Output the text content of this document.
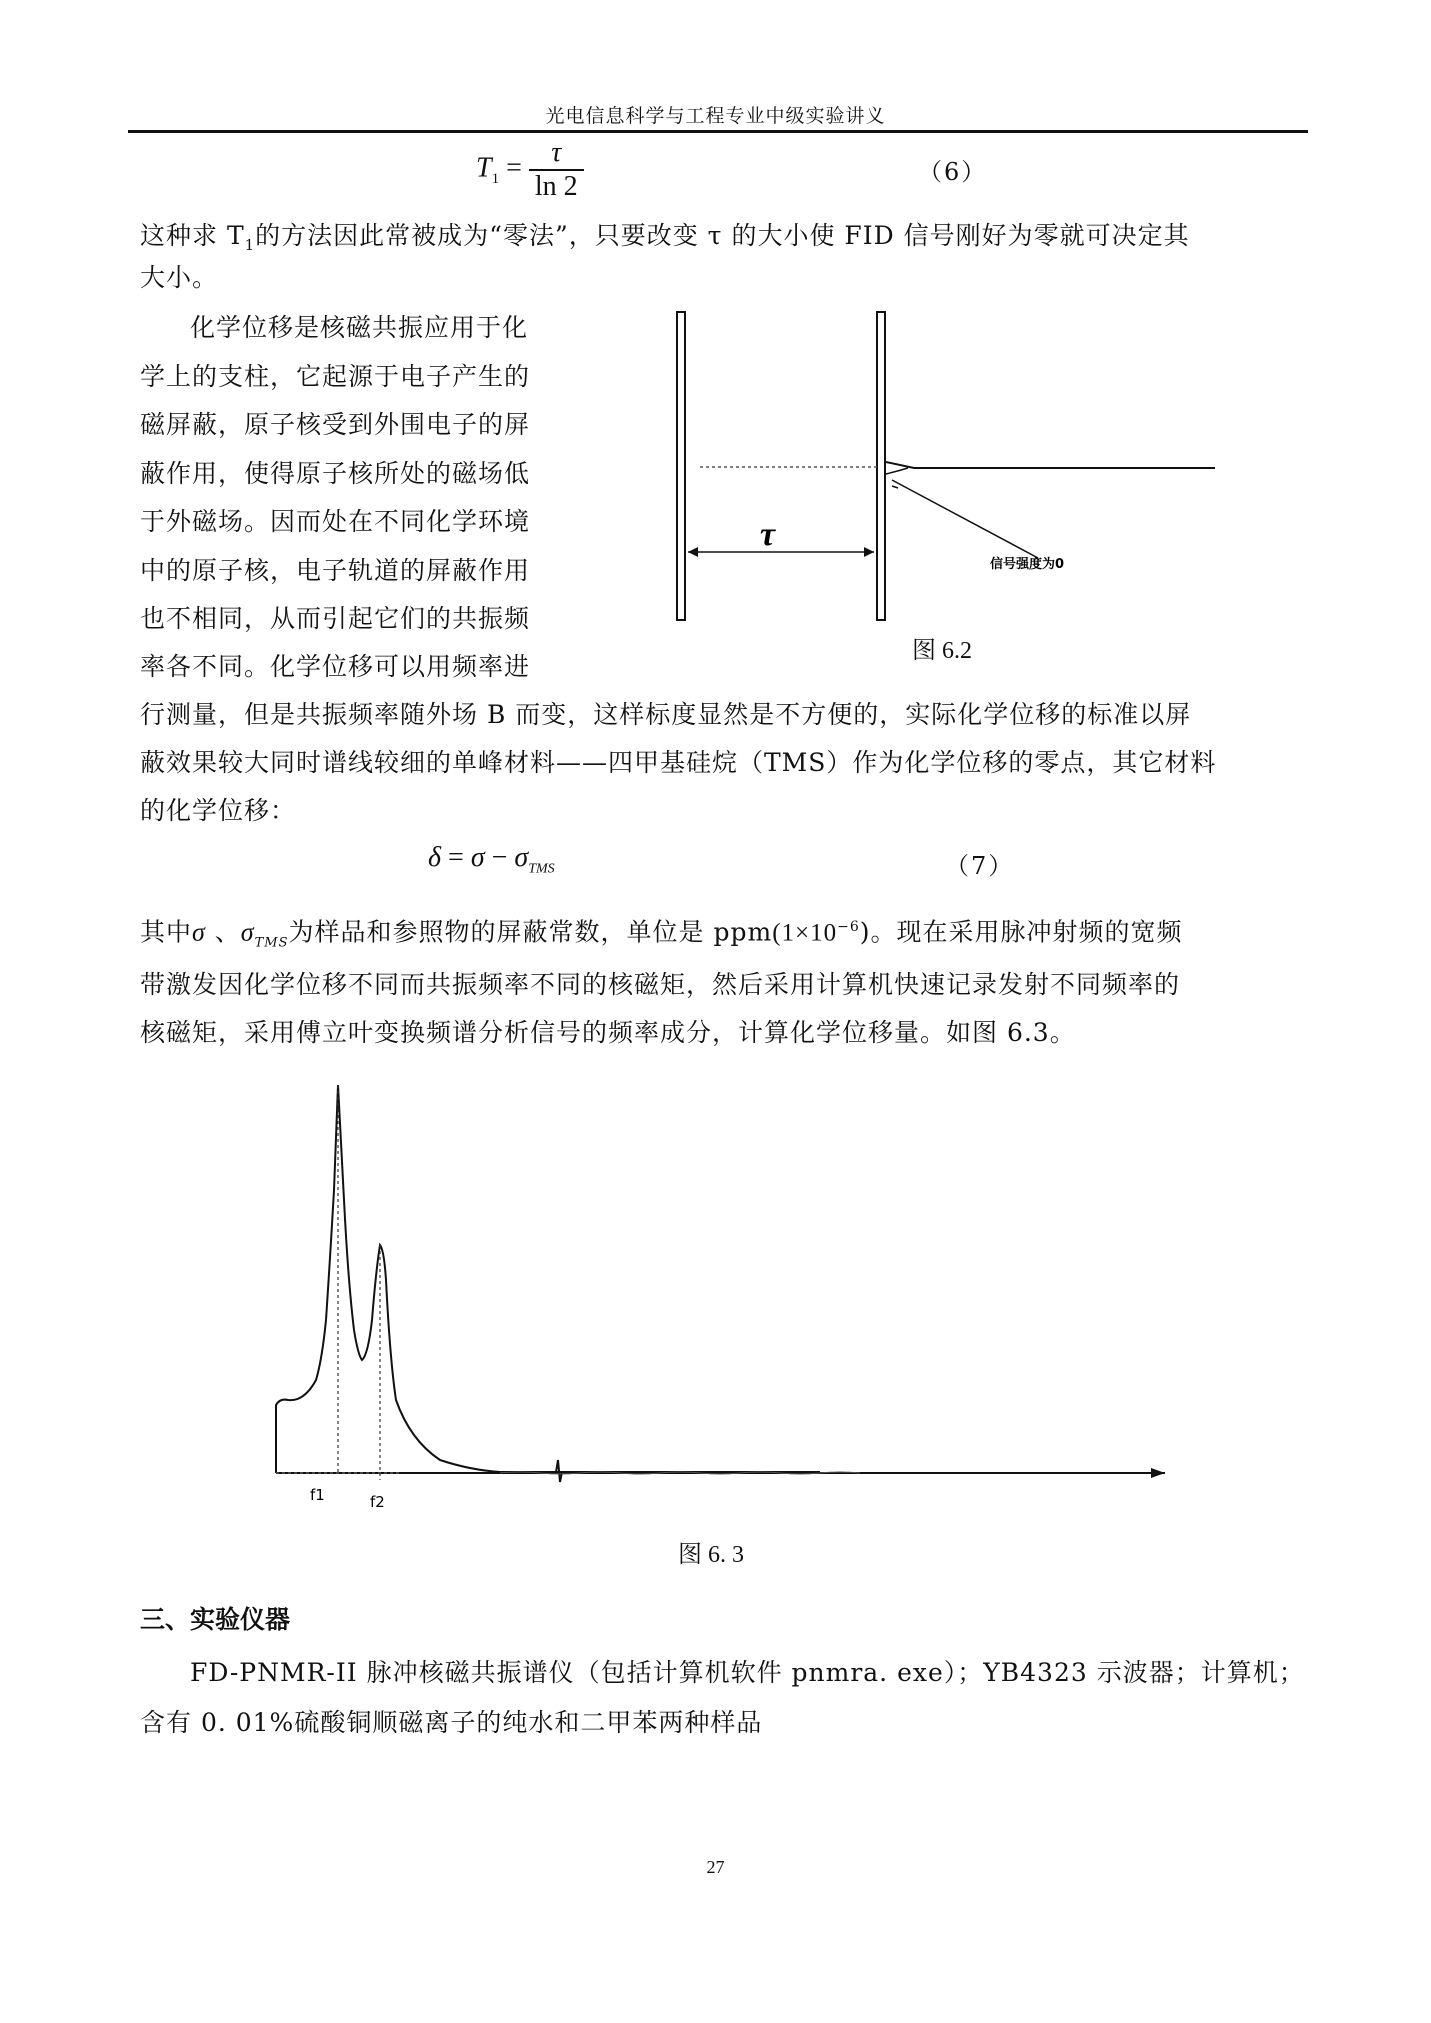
光电信息科学与工程专业中级实验讲义
$T_1 = \frac{\tau}{\ln 2}$	（6）
这种求 $T_1$的方法因此常被成为“零法”，只要改变 τ 的大小使 FID 信号刚好为零就可决定其
大小。
化学位移是核磁共振应用于化
学上的支柱，它起源于电子产生的
磁屏蔽，原子核受到外围电子的屏
蔽作用，使得原子核所处的磁场低
于外磁场。因而处在不同化学环境
中的原子核，电子轨道的屏蔽作用
也不相同，从而引起它们的共振频
率各不同。化学位移可以用频率进
行测量，但是共振频率随外场 B 而变，这样标度显然是不方便的，实际化学位移的标准以屏
蔽效果较大同时谱线较细的单峰材料——四甲基硅烷（TMS）作为化学位移的零点，其它材料
的化学位移：
τ
信号强度为0
图 6.2
$\delta = \sigma - \sigma_{TMS}$	（7）
其中σ 、$\sigma_{TMS}$为样品和参照物的屏蔽常数，单位是 $ppm(1\times 10^{-6})$。现在采用脉冲射频的宽频
带激发因化学位移不同而共振频率不同的核磁矩，然后采用计算机快速记录发射不同频率的
核磁矩，采用傅立叶变换频谱分析信号的频率成分，计算化学位移量。如图 6.3。
f1	f2
图 6. 3
三、实验仪器
FD-PNMR-II 脉冲核磁共振谱仪（包括计算机软件 pnmra. exe）；YB4323 示波器；计算机；
含有 0. 01%硫酸铜顺磁离子的纯水和二甲苯两种样品
27
